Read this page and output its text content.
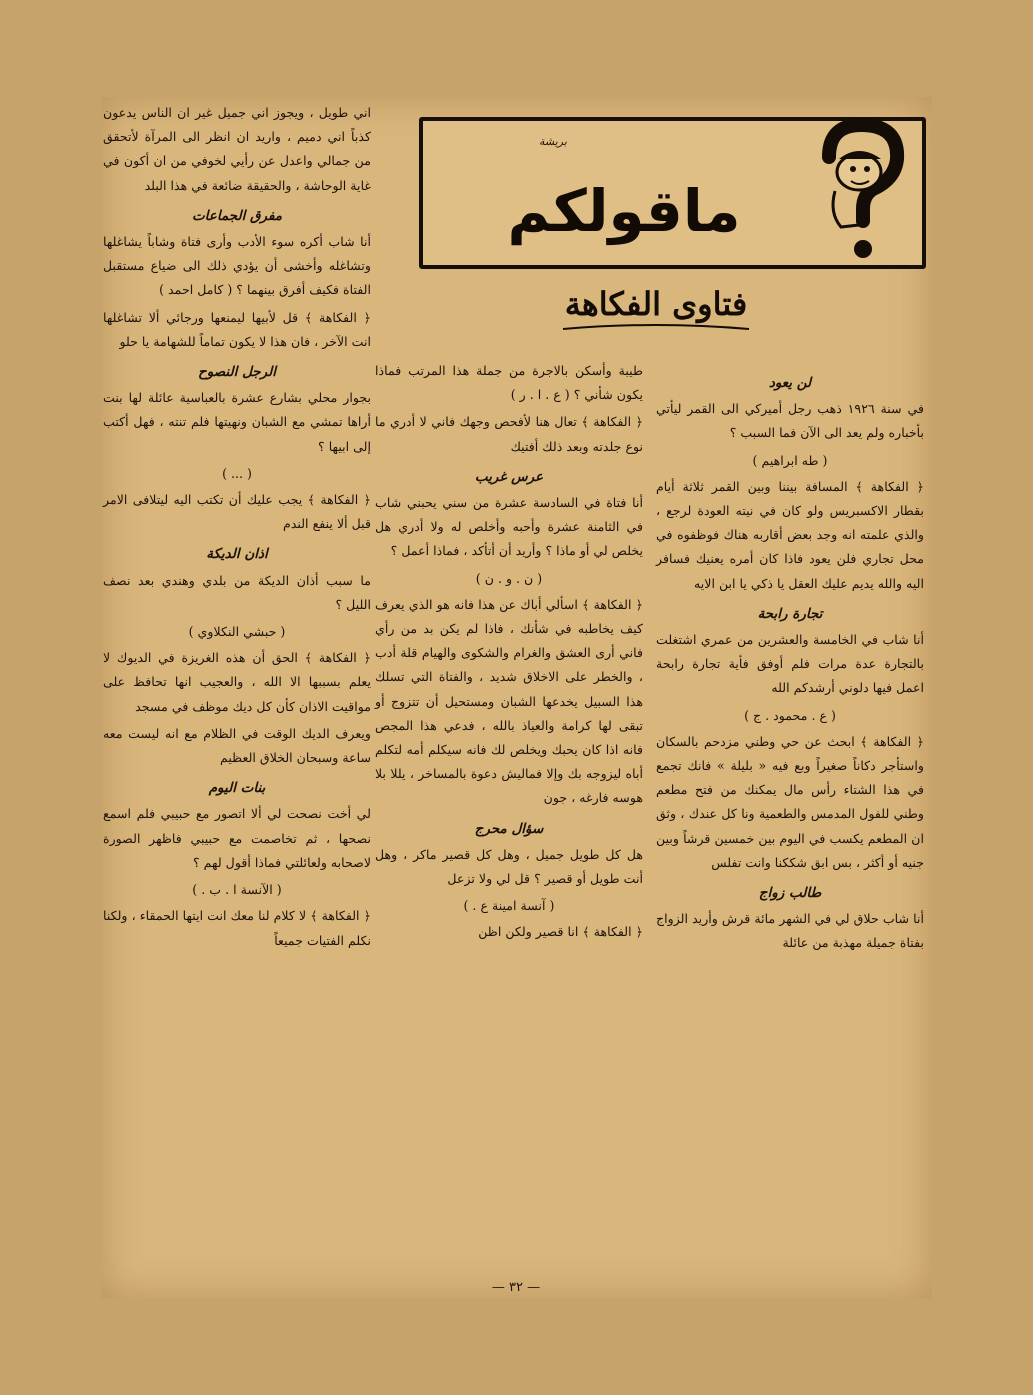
بريشة
ماقولكم
فتاوى الفكاهة
لن يعود

في سنة ١٩٢٦ ذهب رجل أميركي الى القمر ليأتي بأخباره ولم يعد الى الآن فما السبب ؟

( طه ابراهيم )

﴿ الفكاهة ﴾ المسافة بيننا وبين القمر ثلاثة أيام بقطار الاكسبريس ولو كان في نيته العودة لرجع ، والذي علمته انه وجد بعض أقاربه هناك فوظفوه في محل تجاري فلن يعود فاذا كان أمره يعنيك فسافر اليه والله يديم عليك العقل يا ذكي يا ابن الايه

تجارة رابحة

أنا شاب في الخامسة والعشرين من عمري اشتغلت بالتجارة عدة مرات فلم أوفق فأية تجارة رابحة اعمل فيها دلوني أرشدكم الله

( ع . محمود . ج )

﴿ الفكاهة ﴾ ابحث عن حي وطني مزدحم بالسكان واستأجر دكاناً صغيراً وبع فيه « بليلة » فانك تجمع في هذا الشتاء رأس مال يمكنك من فتح مطعم وطني للفول المدمس والطعمية ونا كل عندك ، وثق ان المطعم يكسب في اليوم بين خمسين قرشاً وبين جنيه أو أكثر ، بس ابق شككنا وانت تفلس

طالب زواج

أنا شاب حلاق لي في الشهر مائة قرش وأريد الزواج بفتاة جميلة مهذبة من عائلة

طيبة وأسكن بالاجرة من جملة هذا المرتب فماذا يكون شأني ؟ ( ع . ا . ر )

﴿ الفكاهة ﴾ تعال هنا لأفحص وجهك فاني لا أدري ما نوع جلدته وبعد ذلك أفتيك

عرس غريب

أنا فتاة في السادسة عشرة من سني يحبني شاب في الثامنة عشرة وأحبه وأخلص له ولا أدري هل يخلص لي أو ماذا ؟ وأريد أن أتأكد ، فماذا أعمل ؟

( ن . و . ن )

﴿ الفكاهة ﴾ اسألي أباك عن هذا فانه هو الذي يعرف كيف يخاطبه في شأنك ، فاذا لم يكن بد من رأي فاني أرى العشق والغرام والشكوى والهيام قلة أدب ، والخطر على الاخلاق شديد ، والفتاة التي تسلك هذا السبيل يخدعها الشبان ومستحيل أن تتزوج أو تبقى لها كرامة والعياذ بالله ، فدعي هذا المجص فانه اذا كان يحبك ويخلص لك فانه سيكلم أمه لتكلم أباه ليزوجه بك وإلا فماليش دعوة بالمساخر ، يللا بلا هوسه فارغه ، جون

سؤال محرج

هل كل طويل جميل ، وهل كل قصير ماكر ، وهل أنت طويل أو قصير ؟ قل لي ولا تزعل

( آنسة امينة ع . )

﴿ الفكاهة ﴾ انا قصير ولكن اظن

اني طويل ، ويجوز اني جميل غير ان الناس يدعون كذباً اني دميم ، واريد ان انظر الى المرآة لأتحقق من جمالي واعدل عن رأيي لخوفي من ان أكون في غاية الوحاشة ، والحقيقة ضائعة في هذا البلد

مفرق الجماعات

أنا شاب أكره سوء الأدب وأرى فتاة وشاباً يشاغلها وتشاغله وأخشى أن يؤدي ذلك الى ضياع مستقبل الفتاة فكيف أفرق بينهما ؟ ( كامل احمد )

﴿ الفكاهة ﴾ قل لأبيها ليمنعها ورجائي ألا تشاغلها انت الآخر ، فان هذا لا يكون تماماً للشهامة يا حلو

الرجل النصوح

بجوار محلي بشارع عشرة بالعباسية عائلة لها بنت أراها تمشي مع الشبان ونهيتها فلم تنته ، فهل أكتب إلى ابيها ؟

( ... )

﴿ الفكاهة ﴾ يجب عليك أن تكتب اليه ليتلافى الامر قبل ألا ينفع الندم

اذان الديكة

ما سبب أذان الديكة من بلدي وهندي بعد نصف الليل ؟

( حبشي النكلاوي )

﴿ الفكاهة ﴾ الحق أن هذه الغريزة في الديوك لا يعلم بسببها الا الله ، والعجيب انها تحافظ على مواقيت الاذان كأن كل ديك موظف في مسجد

ويعرف الديك الوقت في الظلام مع انه ليست معه ساعة وسبحان الخلاق العظيم

بنات اليوم

لي أخت نصحت لي ألا اتصور مع حبيبي فلم اسمع نصحها ، ثم تخاصمت مع حبيبي فاظهر الصورة لاصحابه ولعائلتي فماذا أقول لهم ؟

( الآنسة ا . ب . )

﴿ الفكاهة ﴾ لا كلام لنا معك انت ايتها الحمقاء ، ولكنا نكلم الفتيات جميعاً

— ٣٢ —
